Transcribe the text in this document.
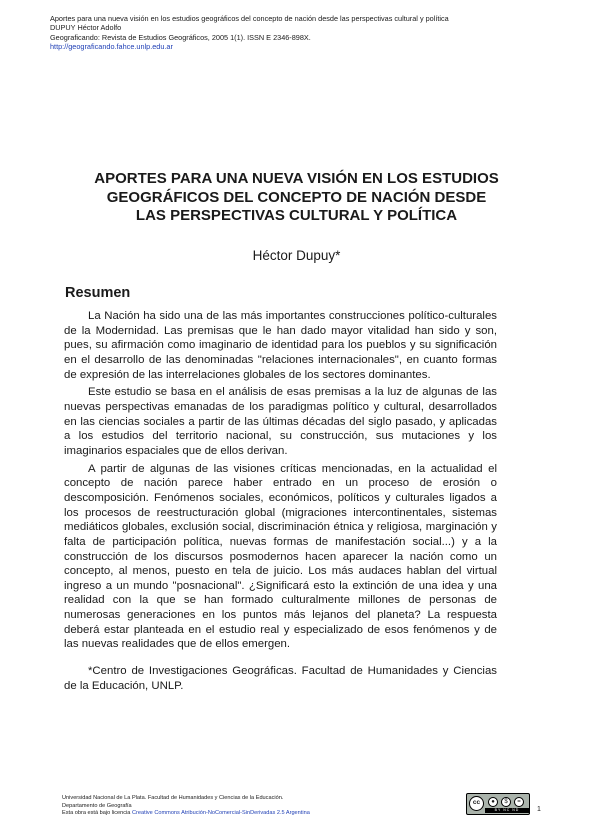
Aportes para una nueva visión en los estudios geográficos del concepto de nación desde las perspectivas cultural y política
DUPUY Héctor Adolfo
Geograficando: Revista de Estudios Geográficos, 2005 1(1). ISSN E 2346-898X.
http://geograficando.fahce.unlp.edu.ar
APORTES PARA UNA NUEVA VISIÓN EN LOS ESTUDIOS
GEOGRÁFICOS DEL CONCEPTO DE NACIÓN DESDE
LAS PERSPECTIVAS CULTURAL Y POLÍTICA
Héctor Dupuy*
Resumen

La Nación ha sido una de las más importantes construcciones político-culturales de la Modernidad. Las premisas que le han dado mayor vitalidad han sido y son, pues, su afirmación como imaginario de identidad para los pueblos y su significación en el desarrollo de las denominadas "relaciones internacionales", en cuanto formas de expresión de las interrelaciones globales de los sectores dominantes.

Este estudio se basa en el análisis de esas premisas a la luz de algunas de las nuevas perspectivas emanadas de los paradigmas político y cultural, desarrollados en las ciencias sociales a partir de las últimas décadas del siglo pasado, y aplicadas a los estudios del territorio nacional, su construcción, sus mutaciones y los imaginarios espaciales que de ellos derivan.

A partir de algunas de las visiones críticas mencionadas, en la actualidad el concepto de nación parece haber entrado en un proceso de erosión o descomposición. Fenómenos sociales, económicos, políticos y culturales ligados a los procesos de reestructuración global (migraciones intercontinentales, sistemas mediáticos globales, exclusión social, discriminación étnica y religiosa, marginación y falta de participación política, nuevas formas de manifestación social...) y a la construcción de los discursos posmodernos hacen aparecer la nación como un concepto, al menos, puesto en tela de juicio. Los más audaces hablan del virtual ingreso a un mundo "posnacional". ¿Significará esto la extinción de una idea y una realidad con la que se han formado culturalmente millones de personas de numerosas generaciones en los puntos más lejanos del planeta? La respuesta deberá estar planteada en el estudio real y especializado de esos fenómenos y de las nuevas realidades que de ellos emergen.

*Centro de Investigaciones Geográficas. Facultad de Humanidades y Ciencias de la Educación, UNLP.

Universidad Nacional de La Plata. Facultad de Humanidades y Ciencias de la Educación.
Departamento de Geografía
Esta obra está bajo licencia Creative Commons Atribución-NoComercial-SinDerivadas 2.5 Argentina
cc	●	$	=
BY NC ND	1
